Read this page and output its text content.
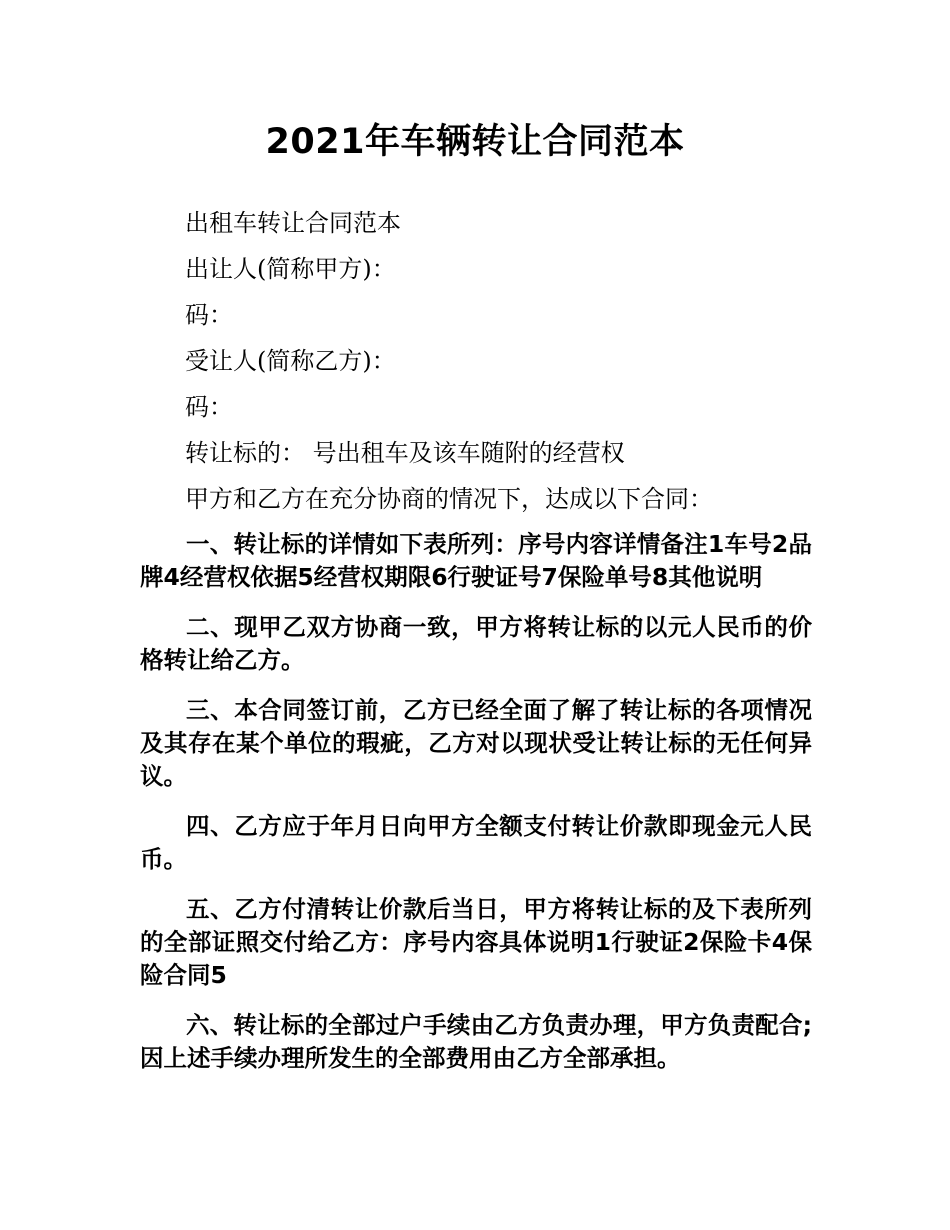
2021年车辆转让合同范本
出租车转让合同范本
出让人(简称甲方)：
码：
受让人(简称乙方)：
码：
转让标的： 号出租车及该车随附的经营权
甲方和乙方在充分协商的情况下，达成以下合同：

一、转让标的详情如下表所列：序号内容详情备注1车号2品牌4经营权依据5经营权期限6行驶证号7保险单号8其他说明

二、现甲乙双方协商一致，甲方将转让标的以元人民币的价格转让给乙方。

三、本合同签订前，乙方已经全面了解了转让标的各项情况及其存在某个单位的瑕疵，乙方对以现状受让转让标的无任何异议。

四、乙方应于年月日向甲方全额支付转让价款即现金元人民币。

五、乙方付清转让价款后当日，甲方将转让标的及下表所列的全部证照交付给乙方：序号内容具体说明1行驶证2保险卡4保险合同5

六、转让标的全部过户手续由乙方负责办理，甲方负责配合;因上述手续办理所发生的全部费用由乙方全部承担。
